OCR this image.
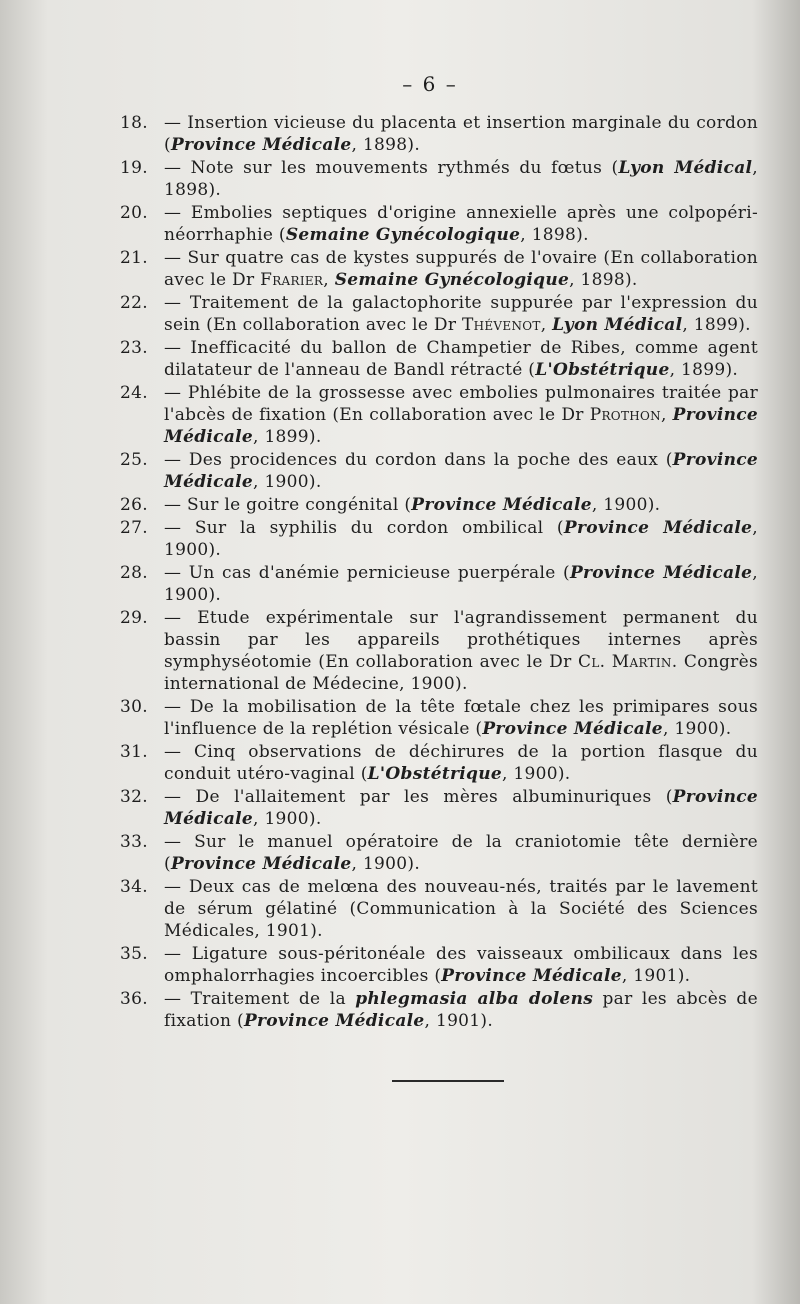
– 6 –
18. — Insertion vicieuse du placenta et insertion marginale du cordon (Province Médicale, 1898).
19. — Note sur les mouvements rythmés du fœtus (Lyon Médical, 1898).
20. — Embolies septiques d'origine annexielle après une colpopéri-néorrhaphie (Semaine Gynécologique, 1898).
21. — Sur quatre cas de kystes suppurés de l'ovaire (En collaboration avec le Dr Frarier, Semaine Gynécologique, 1898).
22. — Traitement de la galactophorite suppurée par l'expression du sein (En collaboration avec le Dr Thévenot, Lyon Médical, 1899).
23. — Inefficacité du ballon de Champetier de Ribes, comme agent dilatateur de l'anneau de Bandl rétracté (L'Obstétrique, 1899).
24. — Phlébite de la grossesse avec embolies pulmonaires traitée par l'abcès de fixation (En collaboration avec le Dr Prothon, Province Médicale, 1899).
25. — Des procidences du cordon dans la poche des eaux (Province Médicale, 1900).
26. — Sur le goitre congénital (Province Médicale, 1900).
27. — Sur la syphilis du cordon ombilical (Province Médicale, 1900).
28. — Un cas d'anémie pernicieuse puerpérale (Province Médicale, 1900).
29. — Etude expérimentale sur l'agrandissement permanent du bassin par les appareils prothétiques internes après symphyséotomie (En collaboration avec le Dr Cl. Martin. Congrès international de Médecine, 1900).
30. — De la mobilisation de la tête fœtale chez les primipares sous l'influence de la replétion vésicale (Province Médicale, 1900).
31. — Cinq observations de déchirures de la portion flasque du conduit utéro-vaginal (L'Obstétrique, 1900).
32. — De l'allaitement par les mères albuminuriques (Province Médicale, 1900).
33. — Sur le manuel opératoire de la craniotomie tête dernière (Province Médicale, 1900).
34. — Deux cas de melœna des nouveau-nés, traités par le lavement de sérum gélatiné (Communication à la Société des Sciences Médicales, 1901).
35. — Ligature sous-péritonéale des vaisseaux ombilicaux dans les omphalorrhagies incoercibles (Province Médicale, 1901).
36. — Traitement de la phlegmasia alba dolens par les abcès de fixation (Province Médicale, 1901).
